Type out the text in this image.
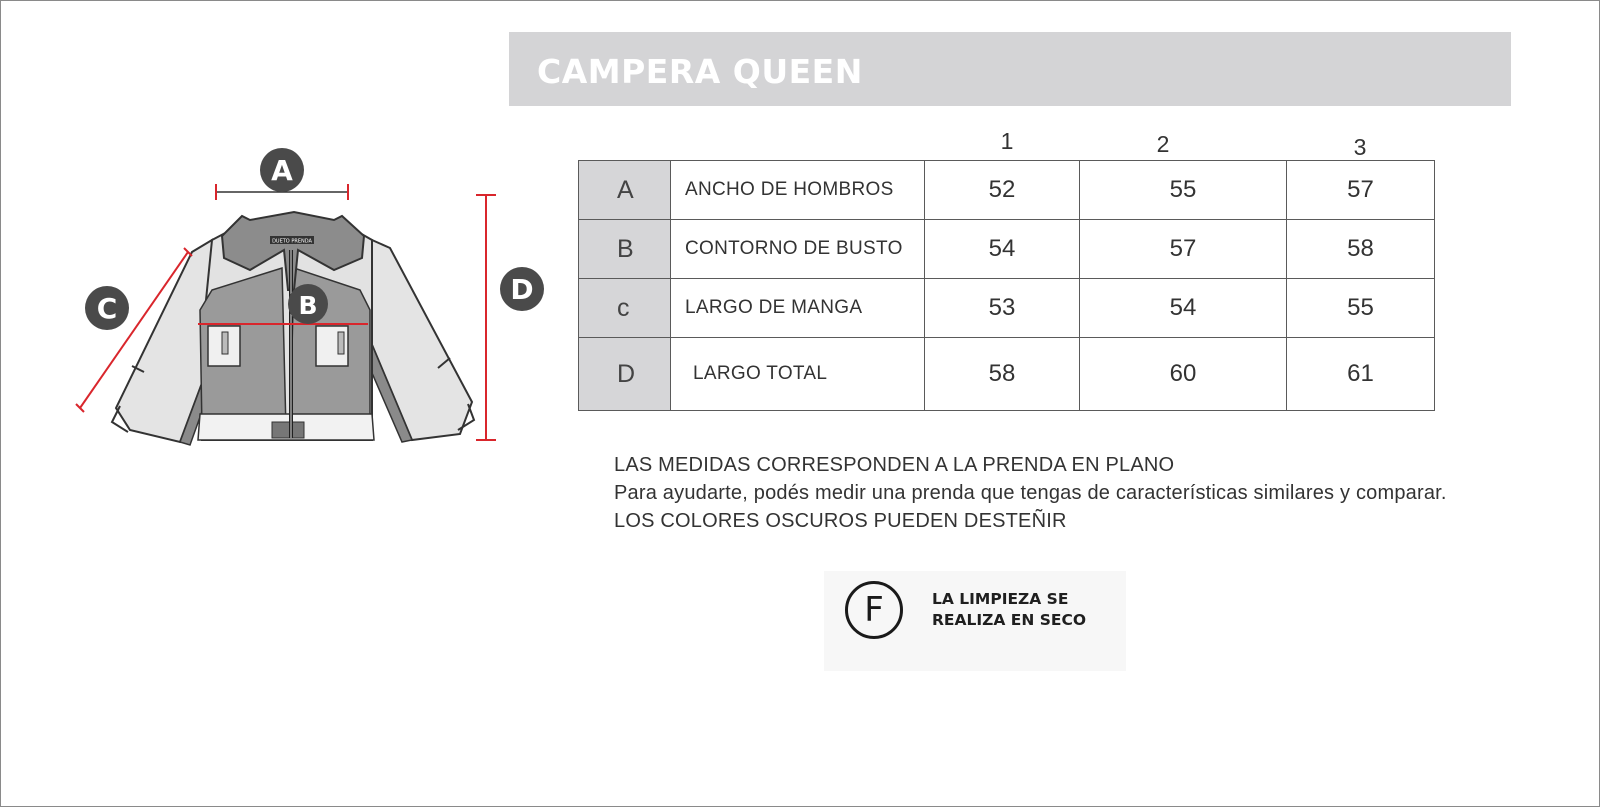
CAMPERA QUEEN
DUETO PRENDA
A
B
C
D
1	2	3
A	ANCHO DE HOMBROS	52	55	57
B	CONTORNO DE BUSTO	54	57	58
c	LARGO DE MANGA	53	54	55
D	LARGO TOTAL	58	60	61
LAS MEDIDAS CORRESPONDEN A LA PRENDA EN PLANO
Para ayudarte, podés medir una prenda que tengas de características similares y comparar.
LOS COLORES OSCUROS PUEDEN DESTEÑIR
F	LA LIMPIEZA SE
REALIZA EN SECO
